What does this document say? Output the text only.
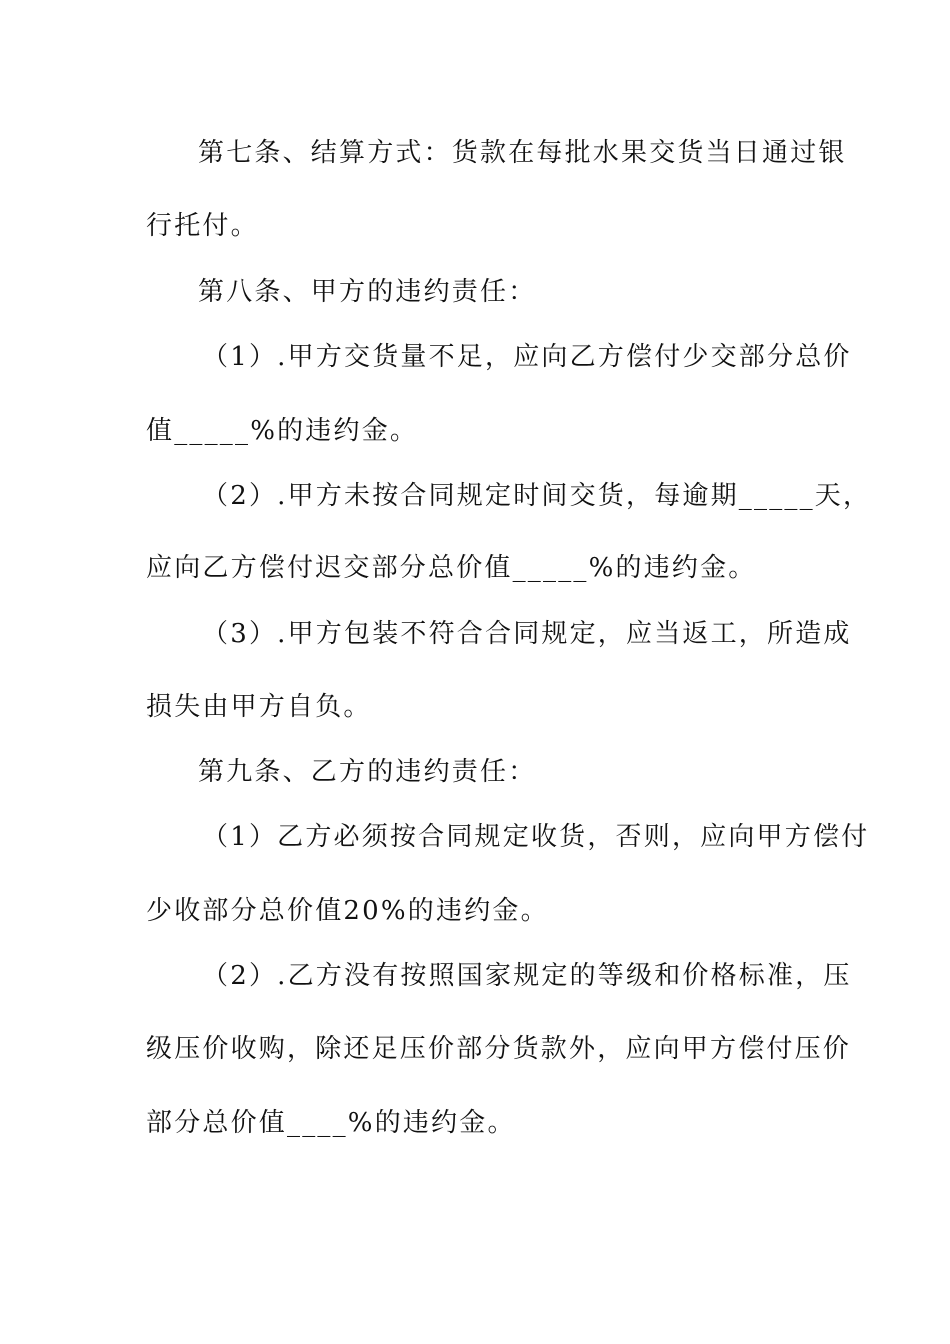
第七条、结算方式：货款在每批水果交货当日通过银
行托付。
第八条、甲方的违约责任：
（1）.甲方交货量不足，应向乙方偿付少交部分总价
值_____%的违约金。
（2）.甲方未按合同规定时间交货，每逾期_____天，
应向乙方偿付迟交部分总价值_____%的违约金。
（3）.甲方包装不符合合同规定，应当返工，所造成
损失由甲方自负。
第九条、乙方的违约责任：
（1）乙方必须按合同规定收货，否则，应向甲方偿付
少收部分总价值20%的违约金。
（2）.乙方没有按照国家规定的等级和价格标准，压
级压价收购，除还足压价部分货款外，应向甲方偿付压价
部分总价值____%的违约金。
